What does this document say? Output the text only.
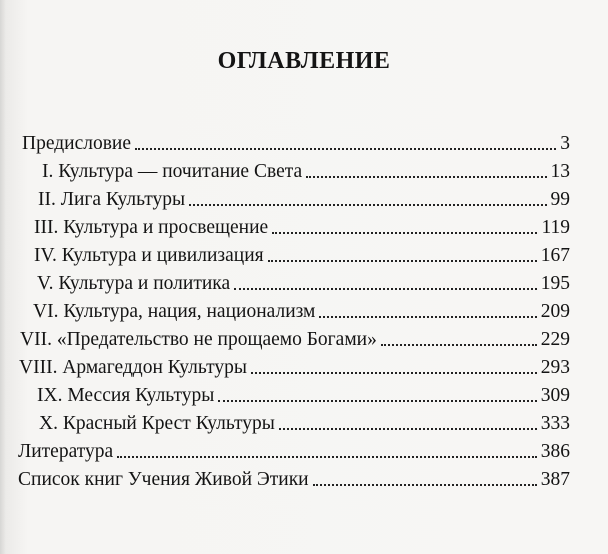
ОГЛАВЛЕНИЕ
Предисловие	3
I. Культура — почитание Света	13
II. Лига Культуры	99
III. Культура и просвещение	119
IV. Культура и цивилизация	167
V. Культура и политика	195
VI. Культура, нация, национализм	209
VII. «Предательство не прощаемо Богами»	229
VIII. Армагеддон Культуры	293
IX. Мессия Культуры	309
X. Красный Крест Культуры	333
Литература	386
Список книг Учения Живой Этики	387
